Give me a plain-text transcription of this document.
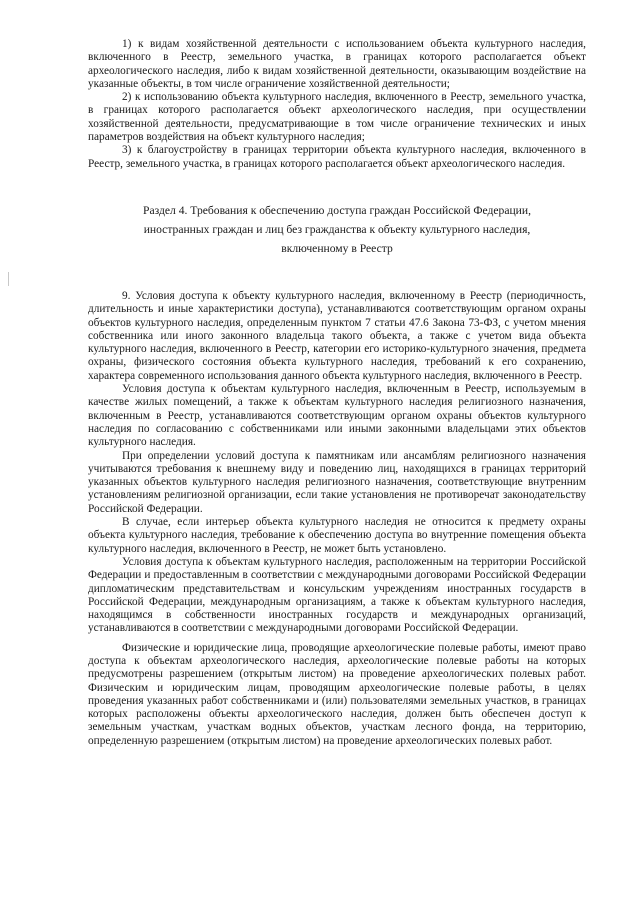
1) к видам хозяйственной деятельности с использованием объекта культурного наследия, включенного в Реестр, земельного участка, в границах которого располагается объект археологического наследия, либо к видам хозяйственной деятельности, оказывающим воздействие на указанные объекты, в том числе ограничение хозяйственной деятельности;

2) к использованию объекта культурного наследия, включенного в Реестр, земельного участка, в границах которого располагается объект археологического наследия, при осуществлении хозяйственной деятельности, предусматривающие в том числе ограничение технических и иных параметров воздействия на объект культурного наследия;

3) к благоустройству в границах территории объекта культурного наследия, включенного в Реестр, земельного участка, в границах которого располагается объект археологического наследия.

Раздел 4. Требования к обеспечению доступа граждан Российской Федерации,
иностранных граждан и лиц без гражданства к объекту культурного наследия,
включенному в Реестр

9. Условия доступа к объекту культурного наследия, включенному в Реестр (периодичность, длительность и иные характеристики доступа), устанавливаются соответствующим органом охраны объектов культурного наследия, определенным пунктом 7 статьи 47.6 Закона 73-ФЗ, с учетом мнения собственника или иного законного владельца такого объекта, а также с учетом вида объекта культурного наследия, включенного в Реестр, категории его историко-культурного значения, предмета охраны, физического состояния объекта культурного наследия, требований к его сохранению, характера современного использования данного объекта культурного наследия, включенного в Реестр.

Условия доступа к объектам культурного наследия, включенным в Реестр, используемым в качестве жилых помещений, а также к объектам культурного наследия религиозного назначения, включенным в Реестр, устанавливаются соответствующим органом охраны объектов культурного наследия по согласованию с собственниками или иными законными владельцами этих объектов культурного наследия.

При определении условий доступа к памятникам или ансамблям религиозного назначения учитываются требования к внешнему виду и поведению лиц, находящихся в границах территорий указанных объектов культурного наследия религиозного назначения, соответствующие внутренним установлениям религиозной организации, если такие установления не противоречат законодательству Российской Федерации.

В случае, если интерьер объекта культурного наследия не относится к предмету охраны объекта культурного наследия, требование к обеспечению доступа во внутренние помещения объекта культурного наследия, включенного в Реестр, не может быть установлено.

Условия доступа к объектам культурного наследия, расположенным на территории Российской Федерации и предоставленным в соответствии с международными договорами Российской Федерации дипломатическим представительствам и консульским учреждениям иностранных государств в Российской Федерации, международным организациям, а также к объектам культурного наследия, находящимся в собственности иностранных государств и международных организаций, устанавливаются в соответствии с международными договорами Российской Федерации.

Физические и юридические лица, проводящие археологические полевые работы, имеют право доступа к объектам археологического наследия, археологические полевые работы на которых предусмотрены разрешением (открытым листом) на проведение археологических полевых работ. Физическим и юридическим лицам, проводящим археологические полевые работы, в целях проведения указанных работ собственниками и (или) пользователями земельных участков, в границах которых расположены объекты археологического наследия, должен быть обеспечен доступ к земельным участкам, участкам водных объектов, участкам лесного фонда, на территорию, определенную разрешением (открытым листом) на проведение археологических полевых работ.
